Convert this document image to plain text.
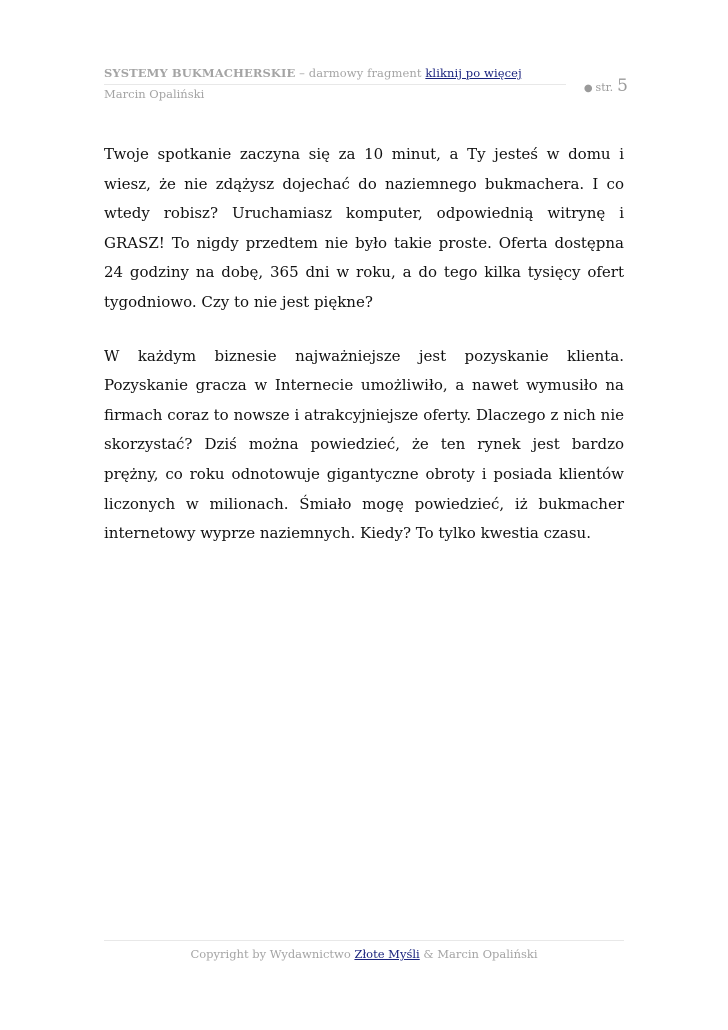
SYSTEMY BUKMACHERSKIE – darmowy fragment kliknij po więcej
Marcin Opaliński	● str. 5

Twoje spotkanie zaczyna się za 10 minut, a Ty jesteś w domu i wiesz, że nie zdążysz dojechać do naziemnego bukmachera. I co wtedy robisz? Uruchamiasz komputer, odpowiednią witrynę i GRASZ! To nigdy przedtem nie było takie proste. Oferta dostępna 24 godziny na dobę, 365 dni w roku, a do tego kilka tysięcy ofert tygodniowo. Czy to nie jest piękne?

W każdym biznesie najważniejsze jest pozyskanie klienta. Pozyskanie gracza w Internecie umożliwiło, a nawet wymusiło na firmach coraz to nowsze i atrakcyjniejsze oferty. Dlaczego z nich nie skorzystać? Dziś można powiedzieć, że ten rynek jest bardzo prężny, co roku odnotowuje gigantyczne obroty i posiada klientów liczonych w milionach. Śmiało mogę powiedzieć, iż bukmacher internetowy wyprze naziemnych. Kiedy? To tylko kwestia czasu.

Copyright by Wydawnictwo Złote Myśli & Marcin Opaliński
